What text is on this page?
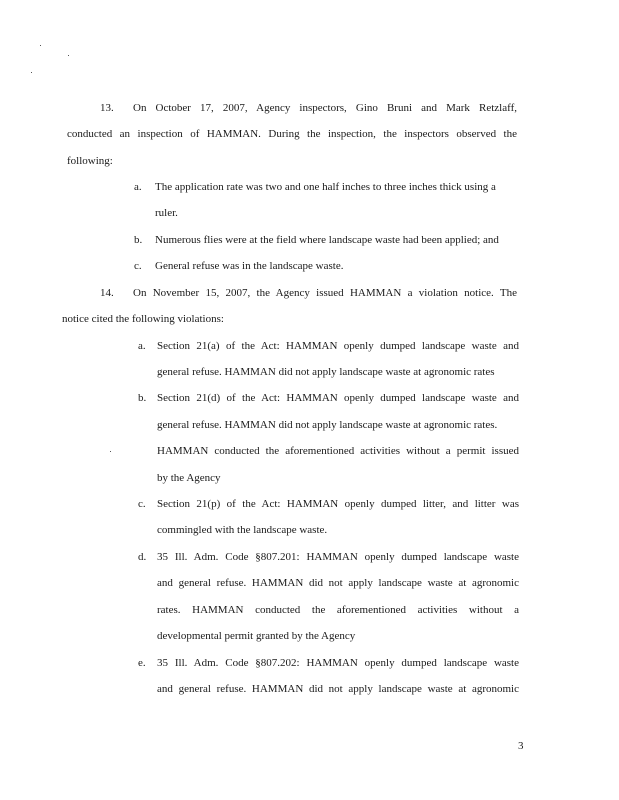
13. On October 17, 2007, Agency inspectors, Gino Bruni and Mark Retzlaff,
conducted an inspection of HAMMAN. During the inspection, the inspectors observed the
following:
a. The application rate was two and one half inches to three inches thick using a
ruler.
b. Numerous flies were at the field where landscape waste had been applied; and
c. General refuse was in the landscape waste.
14. On November 15, 2007, the Agency issued HAMMAN a violation notice. The
notice cited the following violations:
a. Section 21(a) of the Act: HAMMAN openly dumped landscape waste and
general refuse. HAMMAN did not apply landscape waste at agronomic rates
b. Section 21(d) of the Act: HAMMAN openly dumped landscape waste and
general refuse. HAMMAN did not apply landscape waste at agronomic rates.
HAMMAN conducted the aforementioned activities without a permit issued
by the Agency
c. Section 21(p) of the Act: HAMMAN openly dumped litter, and litter was
commingled with the landscape waste.
d. 35 Ill. Adm. Code §807.201: HAMMAN openly dumped landscape waste
and general refuse. HAMMAN did not apply landscape waste at agronomic
rates. HAMMAN conducted the aforementioned activities without a
developmental permit granted by the Agency
e. 35 Ill. Adm. Code §807.202: HAMMAN openly dumped landscape waste
and general refuse. HAMMAN did not apply landscape waste at agronomic
3
